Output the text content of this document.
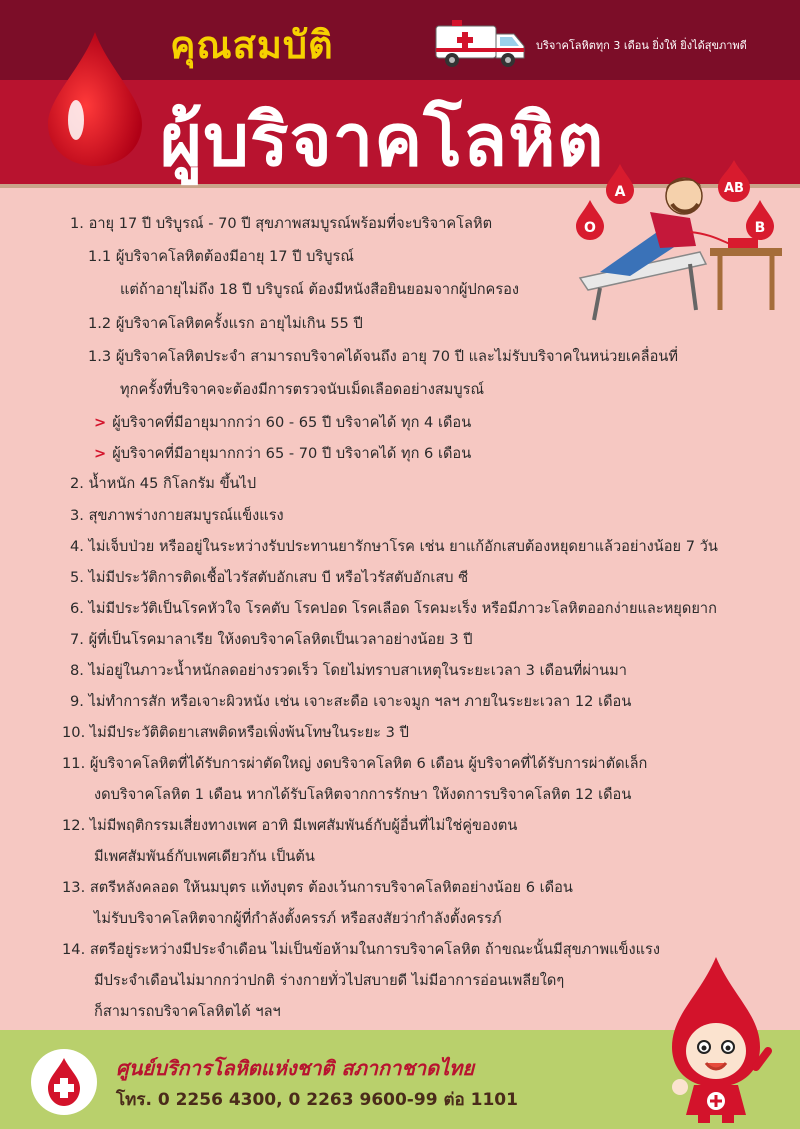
คุณสมบัติ
ผู้บริจาคโลหิต
บริจาคโลหิตทุก 3 เดือน ยิ่งให้ ยิ่งได้สุขภาพดี
A	AB
O	B
1. อายุ 17 ปี บริบูรณ์ - 70 ปี สุขภาพสมบูรณ์พร้อมที่จะบริจาคโลหิต
1.1 ผู้บริจาคโลหิตต้องมีอายุ 17 ปี บริบูรณ์
แต่ถ้าอายุไม่ถึง 18 ปี บริบูรณ์ ต้องมีหนังสือยินยอมจากผู้ปกครอง
1.2 ผู้บริจาคโลหิตครั้งแรก อายุไม่เกิน 55 ปี
1.3 ผู้บริจาคโลหิตประจำ สามารถบริจาคได้จนถึง อายุ 70 ปี และไม่รับบริจาคในหน่วยเคลื่อนที่
ทุกครั้งที่บริจาคจะต้องมีการตรวจนับเม็ดเลือดอย่างสมบูรณ์
> ผู้บริจาคที่มีอายุมากกว่า 60 - 65 ปี บริจาคได้ ทุก 4 เดือน
> ผู้บริจาคที่มีอายุมากกว่า 65 - 70 ปี บริจาคได้ ทุก 6 เดือน
2. น้ำหนัก 45 กิโลกรัม ขึ้นไป
3. สุขภาพร่างกายสมบูรณ์แข็งแรง
4. ไม่เจ็บป่วย หรืออยู่ในระหว่างรับประทานยารักษาโรค เช่น ยาแก้อักเสบต้องหยุดยาแล้วอย่างน้อย 7 วัน
5. ไม่มีประวัติการติดเชื้อไวรัสตับอักเสบ บี หรือไวรัสตับอักเสบ ซี
6. ไม่มีประวัติเป็นโรคหัวใจ โรคตับ โรคปอด โรคเลือด โรคมะเร็ง หรือมีภาวะโลหิตออกง่ายและหยุดยาก
7. ผู้ที่เป็นโรคมาลาเรีย ให้งดบริจาคโลหิตเป็นเวลาอย่างน้อย 3 ปี
8. ไม่อยู่ในภาวะน้ำหนักลดอย่างรวดเร็ว โดยไม่ทราบสาเหตุในระยะเวลา 3 เดือนที่ผ่านมา
9. ไม่ทำการสัก หรือเจาะผิวหนัง เช่น เจาะสะดือ เจาะจมูก ฯลฯ ภายในระยะเวลา 12 เดือน
10. ไม่มีประวัติติดยาเสพติดหรือเพิ่งพ้นโทษในระยะ 3 ปี
11. ผู้บริจาคโลหิตที่ได้รับการผ่าตัดใหญ่ งดบริจาคโลหิต 6 เดือน ผู้บริจาคที่ได้รับการผ่าตัดเล็ก
งดบริจาคโลหิต 1 เดือน หากได้รับโลหิตจากการรักษา ให้งดการบริจาคโลหิต 12 เดือน
12. ไม่มีพฤติกรรมเสี่ยงทางเพศ อาทิ มีเพศสัมพันธ์กับผู้อื่นที่ไม่ใช่คู่ของตน
มีเพศสัมพันธ์กับเพศเดียวกัน เป็นต้น
13. สตรีหลังคลอด ให้นมบุตร แท้งบุตร ต้องเว้นการบริจาคโลหิตอย่างน้อย 6 เดือน
ไม่รับบริจาคโลหิตจากผู้ที่กำลังตั้งครรภ์ หรือสงสัยว่ากำลังตั้งครรภ์
14. สตรีอยู่ระหว่างมีประจำเดือน ไม่เป็นข้อห้ามในการบริจาคโลหิต ถ้าขณะนั้นมีสุขภาพแข็งแรง
มีประจำเดือนไม่มากกว่าปกติ ร่างกายทั่วไปสบายดี ไม่มีอาการอ่อนเพลียใดๆ
ก็สามารถบริจาคโลหิตได้ ฯลฯ
ศูนย์บริการโลหิตแห่งชาติ สภากาชาดไทย
โทร. 0 2256 4300, 0 2263 9600-99 ต่อ 1101
